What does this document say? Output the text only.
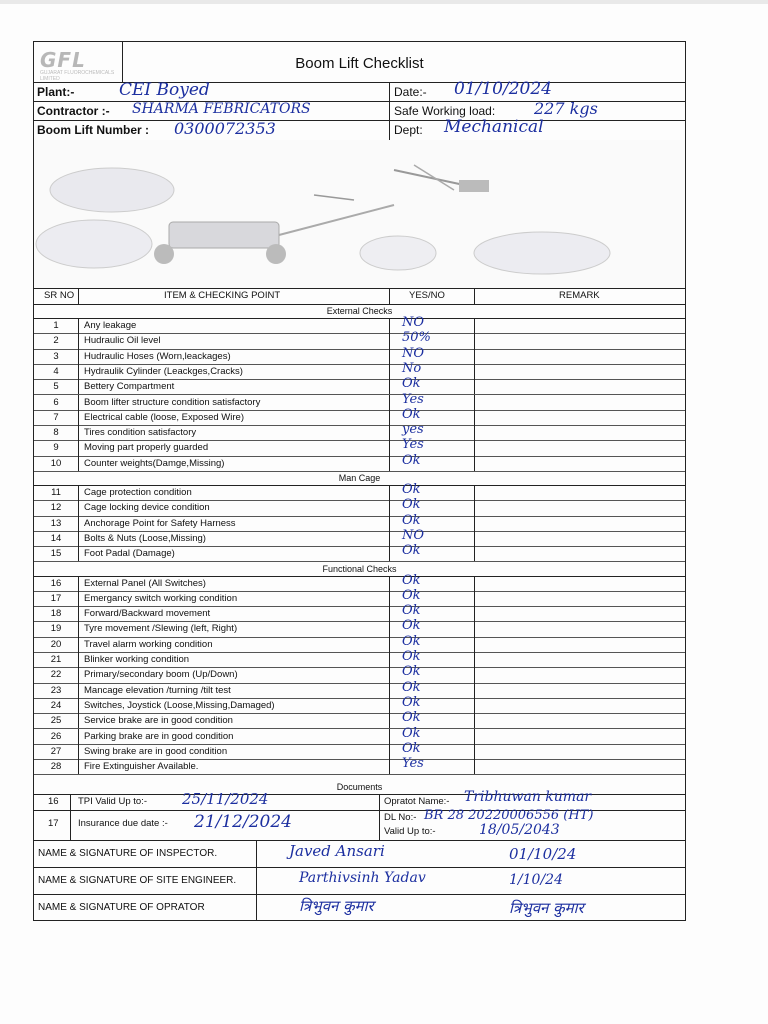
GFL
GUJARAT FLUOROCHEMICALS LIMITED
Boom Lift Checklist
Plant:-	CEI Boyed	Date:- 01/10/2024
Contractor :- SHARMA FEBRICATORS	Safe Working load: 227 kgs
Boom Lift Number : 0300072353	Dept: Mechanical
SR NO	ITEM & CHECKING POINT	YES/NO	REMARK
External Checks
1	Any leakage	NO
2	Hudraulic Oil level	50%
3	Hudraulic Hoses (Worn,leackages)	NO
4	Hydraulik Cylinder (Leackges,Cracks)	No
5	Bettery Compartment	Ok
6	Boom lifter structure condition satisfactory	Yes
7	Electrical cable (loose, Exposed Wire)	Ok
8	Tires condition satisfactory	yes
9	Moving part properly guarded	Yes
10	Counter weights(Damge,Missing)	Ok
Man Cage
11	Cage protection condition	Ok
12	Cage locking device condition	Ok
13	Anchorage Point for Safety Harness	Ok
14	Bolts & Nuts (Loose,Missing)	NO
15	Foot Padal (Damage)	Ok
Functional Checks
16	External Panel (All Switches)	Ok
17	Emergancy switch working condition	Ok
18	Forward/Backward movement	Ok
19	Tyre movement /Slewing (left, Right)	Ok
20	Travel alarm working condition	Ok
21	Blinker working condition	Ok
22	Primary/secondary boom (Up/Down)	Ok
23	Mancage elevation /turning /tilt test	Ok
24	Switches, Joystick (Loose,Missing,Damaged)	Ok
25	Service brake are in good condition	Ok
26	Parking brake are in good condition	Ok
27	Swing brake are in good condition	Ok
28	Fire Extinguisher Available.	Yes
Documents
16 TPI Valid Up to:- 25/11/2024	Opratot Name:- Tribhuwan kumar
17 Insurance due date :- 21/12/2024	DL No:- BR 28 20220006556 (HT)
Valid Up to:-	18/05/2043
NAME & SIGNATURE OF INSPECTOR.	Javed Ansari	01/10/24
NAME & SIGNATURE OF SITE ENGINEER.	Parthivsinh Yadav	1/10/24
NAME & SIGNATURE OF OPRATOR	त्रिभुवन कुमार	त्रिभुवन कुमार
